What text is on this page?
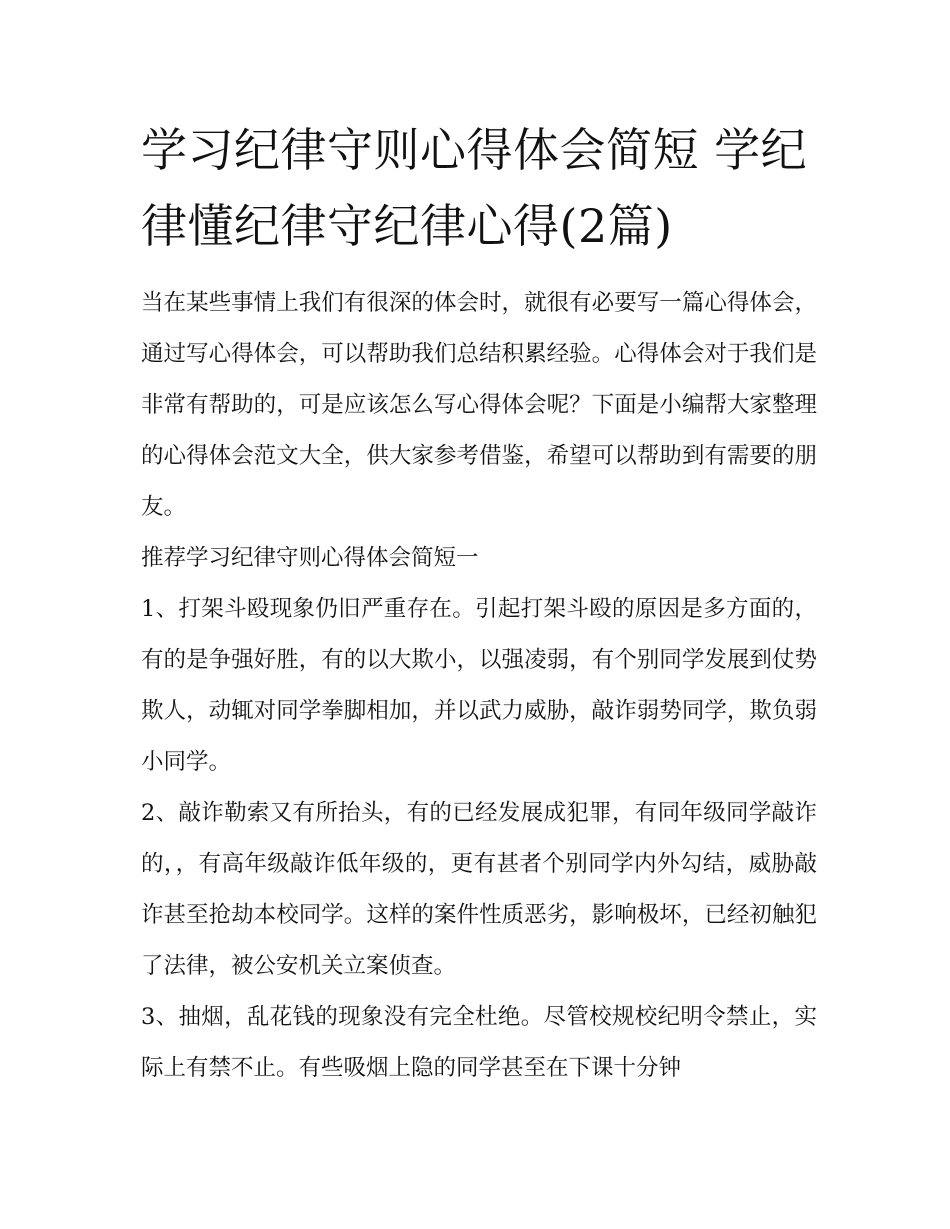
学习纪律守则心得体会简短 学纪律懂纪律守纪律心得(2篇)

当在某些事情上我们有很深的体会时，就很有必要写一篇心得体会，通过写心得体会，可以帮助我们总结积累经验。心得体会对于我们是非常有帮助的，可是应该怎么写心得体会呢？下面是小编帮大家整理的心得体会范文大全，供大家参考借鉴，希望可以帮助到有需要的朋友。

推荐学习纪律守则心得体会简短一

1、打架斗殴现象仍旧严重存在。引起打架斗殴的原因是多方面的，有的是争强好胜，有的以大欺小，以强凌弱，有个别同学发展到仗势欺人，动辄对同学拳脚相加，并以武力威胁，敲诈弱势同学，欺负弱小同学。

2、敲诈勒索又有所抬头，有的已经发展成犯罪，有同年级同学敲诈的，，有高年级敲诈低年级的，更有甚者个别同学内外勾结，威胁敲诈甚至抢劫本校同学。这样的案件性质恶劣，影响极坏，已经初触犯了法律，被公安机关立案侦查。

3、抽烟，乱花钱的现象没有完全杜绝。尽管校规校纪明令禁止，实际上有禁不止。有些吸烟上隐的同学甚至在下课十分钟
